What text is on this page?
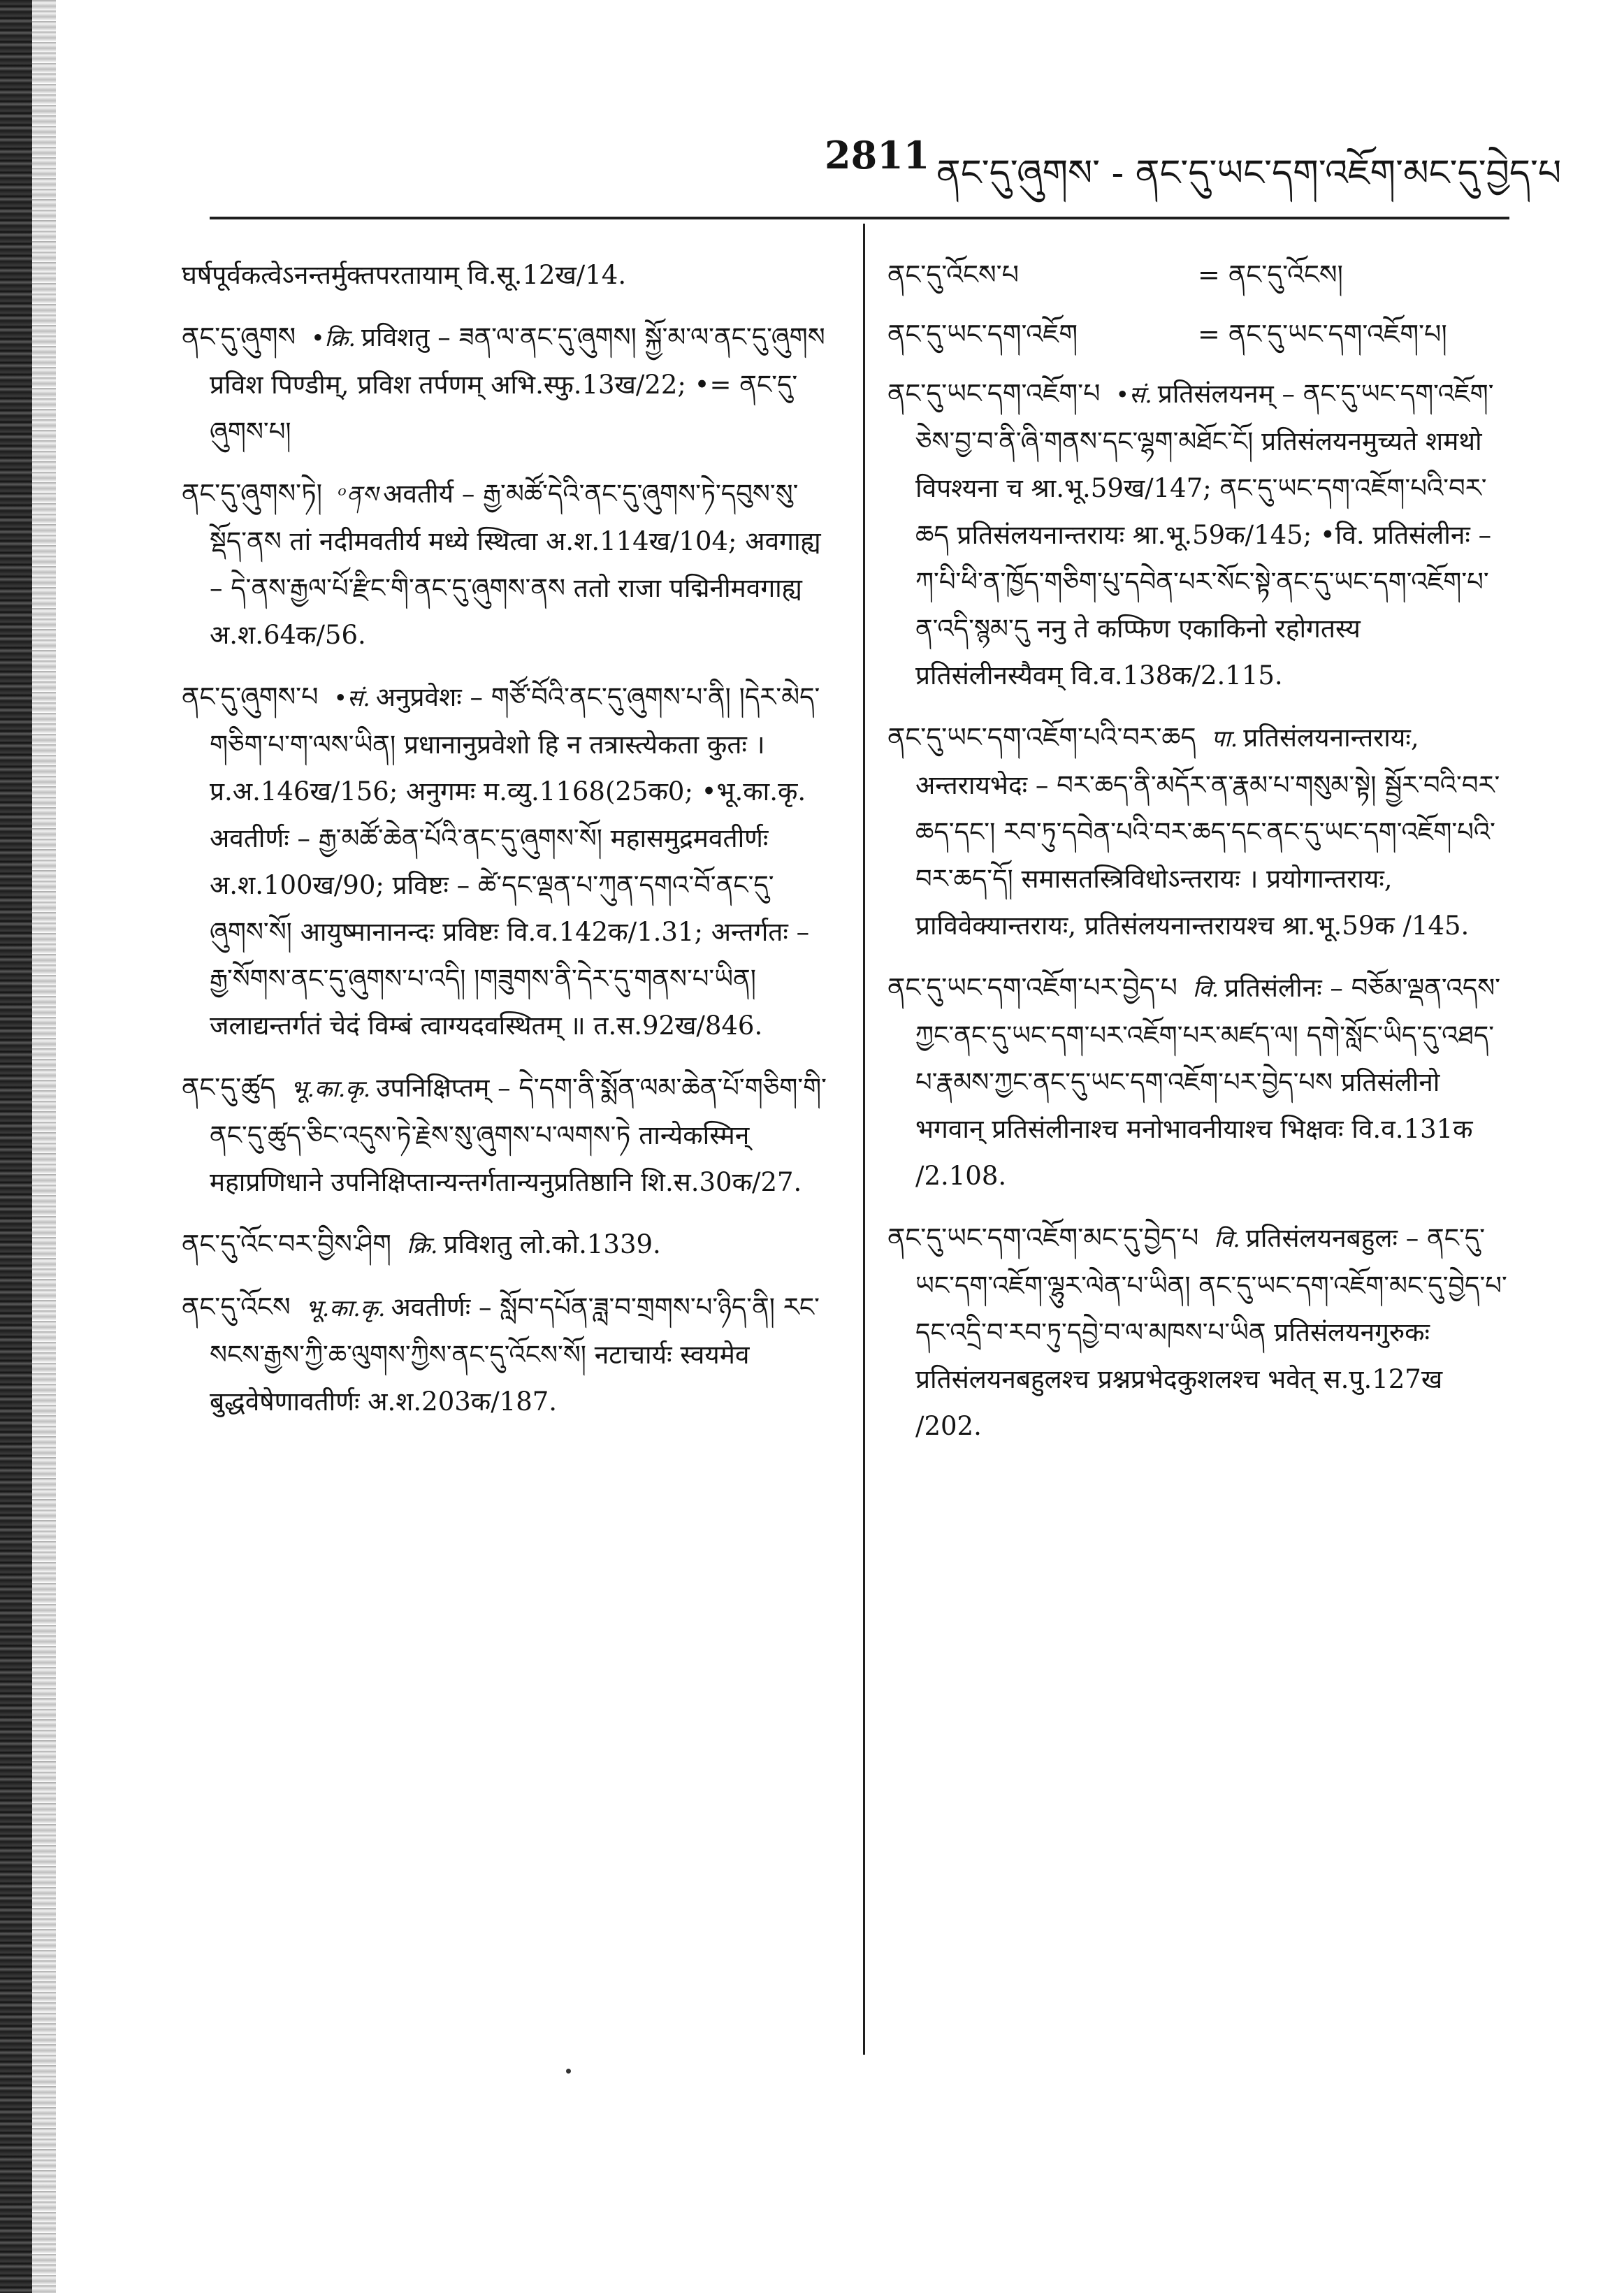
2811 ནང་དུ་ཞུགས་ - ནང་དུ་ཡང་དག་འཇོག་མང་དུ་བྱེད་པ
घर्षपूर्वकत्वेऽनन्तर्मुक्तपरतायाम् वि.सू.12ख/14.
ནང་དུ་ཞུགས •क्रि. प्रविशतु – ཟན་ལ་ནང་དུ་ཞུགས། སྐྱོ་མ་ལ་ནང་དུ་ཞུགས प्रविश पिण्डीम्, प्रविश तर्पणम् अभि.स्फु.13ख/22; •= ནང་དུ་ཞུགས་པ།
ནང་དུ་ཞུགས་ཏེ། ᵒནས अवतीर्य – རྒྱ་མཚོ་དེའི་ནང་དུ་ཞུགས་ཏེ་དབུས་སུ་སྡོད་ནས तां नदीमवतीर्य मध्ये स्थित्वा अ.श.114ख/104; अवगाह्य – དེ་ནས་རྒྱལ་པོ་རྫིང་གི་ནང་དུ་ཞུགས་ནས ततो राजा पद्मिनीमवगाह्य अ.श.64क/56.
ནང་དུ་ཞུགས་པ •सं. अनुप्रवेशः – གཙོ་བོའི་ནང་དུ་ཞུགས་པ་ནི། །དེར་མེད་གཅིག་པ་ག་ལས་ཡིན། प्रधानानुप्रवेशो हि न तत्रास्त्येकता कुतः । प्र.अ.146ख/156; अनुगमः म.व्यु.1168(25क0; •भू.का.कृ. अवतीर्णः – རྒྱ་མཚོ་ཆེན་པོའི་ནང་དུ་ཞུགས་སོ། महासमुद्रमवतीर्णः अ.श.100ख/90; प्रविष्टः – ཚེ་དང་ལྡན་པ་ཀུན་དགའ་བོ་ནང་དུ་ཞུགས་སོ། आयुष्मानानन्दः प्रविष्टः वि.व.142क/1.31; अन्तर्गतः – རྒྱ་སོགས་ནང་དུ་ཞུགས་པ་འདི། །གཟུགས་ནི་དེར་དུ་གནས་པ་ཡིན། जलाद्यन्तर्गतं चेदं विम्बं त्वाग्यदवस्थितम् ॥ त.स.92ख/846.
ནང་དུ་ཚུད भू.का.कृ. उपनिक्षिप्तम् – དེ་དག་ནི་སྨོན་ལམ་ཆེན་པོ་གཅིག་གི་ནང་དུ་ཚུད་ཅིང་འདུས་ཏེ་རྗེས་སུ་ཞུགས་པ་ལགས་ཏེ तान्येकस्मिन् महाप्रणिधाने उपनिक्षिप्तान्यन्तर्गतान्यनुप्रतिष्ठानि शि.स.30क/27.
ནང་དུ་འོང་བར་བྱིས་ཤིག क्रि. प्रविशतु लो.को.1339.
ནང་དུ་འོངས भू.का.कृ. अवतीर्णः – སློབ་དཔོན་ཟླ་བ་གྲགས་པ་ཉིད་ནི། རང་སངས་རྒྱས་ཀྱི་ཆ་ལུགས་ཀྱིས་ནང་དུ་འོངས་སོ། नटाचार्यः स्वयमेव बुद्धवेषेणावतीर्णः अ.श.203क/187.
ནང་དུ་འོངས་པ	= ནང་དུ་འོངས།
ནང་དུ་ཡང་དག་འཇོག	= ནང་དུ་ཡང་དག་འཇོག་པ།
ནང་དུ་ཡང་དག་འཇོག་པ •सं. प्रतिसंलयनम् – ནང་དུ་ཡང་དག་འཇོག་ཅེས་བྱ་བ་ནི་ཞི་གནས་དང་ལྷག་མཐོང་ངོ། प्रतिसंलयनमुच्यते शमथो विपश्यना च श्रा.भू.59ख/147; ནང་དུ་ཡང་དག་འཇོག་པའི་བར་ཆད प्रतिसंलयनान्तरायः श्रा.भू.59क/145; •वि. प्रतिसंलीनः – ཀ་པི་ཕི་ན་ཁྱོད་གཅིག་པུ་དབེན་པར་སོང་སྟེ་ནང་དུ་ཡང་དག་འཇོག་པ་ན་འདི་སྙམ་དུ ननु ते कप्फिण एकाकिनो रहोगतस्य प्रतिसंलीनस्यैवम् वि.व.138क/2.115.
ནང་དུ་ཡང་དག་འཇོག་པའི་བར་ཆད पा. प्रतिसंलयनान्तरायः, अन्तरायभेदः – བར་ཆད་ནི་མདོར་ན་རྣམ་པ་གསུམ་སྟེ། སྦྱོར་བའི་བར་ཆད་དང་། རབ་ཏུ་དབེན་པའི་བར་ཆད་དང་ནང་དུ་ཡང་དག་འཇོག་པའི་བར་ཆད་དོ། समासतस्त्रिविधोऽन्तरायः । प्रयोगान्तरायः, प्राविवेक्यान्तरायः, प्रतिसंलयनान्तरायश्च श्रा.भू.59क /145.
ནང་དུ་ཡང་དག་འཇོག་པར་བྱེད་པ वि. प्रतिसंलीनः – བཅོམ་ལྡན་འདས་ཀྱང་ནང་དུ་ཡང་དག་པར་འཇོག་པར་མཛད་ལ། དགེ་སློང་ཡིད་དུ་འཐད་པ་རྣམས་ཀྱང་ནང་དུ་ཡང་དག་འཇོག་པར་བྱེད་པས प्रतिसंलीनो भगवान् प्रतिसंलीनाश्च मनोभावनीयाश्च भिक्षवः वि.व.131क /2.108.
ནང་དུ་ཡང་དག་འཇོག་མང་དུ་བྱེད་པ वि. प्रतिसंलयनबहुलः – ནང་དུ་ཡང་དག་འཇོག་ལྷུར་ལེན་པ་ཡིན། ནང་དུ་ཡང་དག་འཇོག་མང་དུ་བྱེད་པ་དང་འདྲི་བ་རབ་ཏུ་དབྱེ་བ་ལ་མཁས་པ་ཡིན प्रतिसंलयनगुरुकः प्रतिसंलयनबहुलश्च प्रश्नप्रभेदकुशलश्च भवेत् स.पु.127ख /202.
